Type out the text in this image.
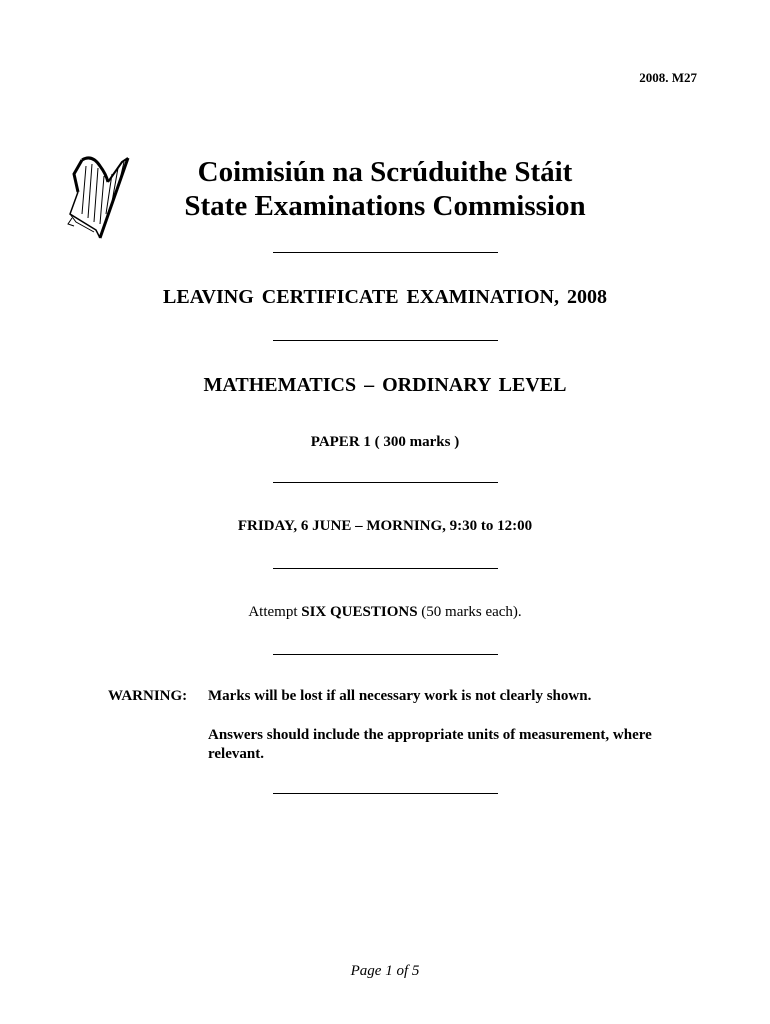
2008. M27
Coimisiún na Scrúduithe Stáit
State Examinations Commission
LEAVING CERTIFICATE EXAMINATION, 2008
MATHEMATICS – ORDINARY LEVEL
PAPER 1 ( 300 marks )
FRIDAY, 6 JUNE – MORNING, 9:30 to 12:00
Attempt SIX QUESTIONS (50 marks each).
WARNING: Marks will be lost if all necessary work is not clearly shown.
Answers should include the appropriate units of measurement, where relevant.
Page 1 of 5
